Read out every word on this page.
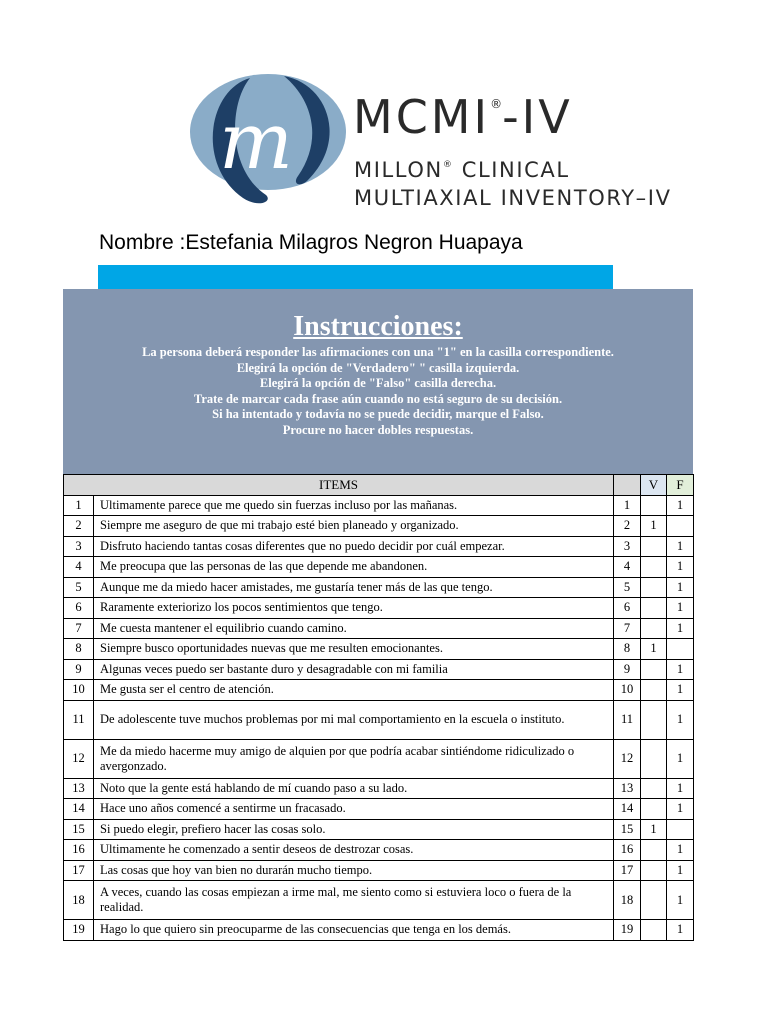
m MCMI®-IV
MILLON® CLINICAL
MULTIAXIAL INVENTORY–IV
Nombre :Estefania Milagros Negron Huapaya
Instrucciones:
La persona deberá responder las afirmaciones con una "1" en la casilla correspondiente.
Elegirá la opción de "Verdadero" " casilla izquierda.
Elegirá la opción de "Falso" casilla derecha.
Trate de marcar cada frase aún cuando no está seguro de su decisión.
Si ha intentado y todavía no se puede decidir, marque el Falso.
Procure no hacer dobles respuestas.
ITEMS			V	F
1	Ultimamente parece que me quedo sin fuerzas incluso por las mañanas.	1		1
2	Siempre me aseguro de que mi trabajo esté bien planeado y organizado.	2	1	
3	Disfruto haciendo tantas cosas diferentes que no puedo decidir por cuál empezar.	3		1
4	Me preocupa que las personas de las que depende me abandonen.	4		1
5	Aunque me da miedo hacer amistades, me gustaría tener más de las que tengo.	5		1
6	Raramente exteriorizo los pocos sentimientos que tengo.	6		1
7	Me cuesta mantener el equilibrio cuando camino.	7		1
8	Siempre busco oportunidades nuevas que me resulten emocionantes.	8	1	
9	Algunas veces puedo ser bastante duro y desagradable con mi familia	9		1
10	Me gusta ser el centro de atención.	10		1
11	De adolescente tuve muchos problemas por mi mal comportamiento en la escuela o instituto.	11		1
12	Me da miedo hacerme muy amigo de alquien por que podría acabar sintiéndome ridiculizado o avergonzado.	12		1
13	Noto que la gente está hablando de mí cuando paso a su lado.	13		1
14	Hace uno años comencé a sentirme un fracasado.	14		1
15	Si puedo elegir, prefiero hacer las cosas solo.	15	1	
16	Ultimamente he comenzado a sentir deseos de destrozar cosas.	16		1
17	Las cosas que hoy van bien no durarán mucho tiempo.	17		1
18	A veces, cuando las cosas empiezan a irme mal, me siento como si estuviera loco o fuera de la realidad.	18		1
19	Hago lo que quiero sin preocuparme de las consecuencias que tenga en los demás.	19		1
